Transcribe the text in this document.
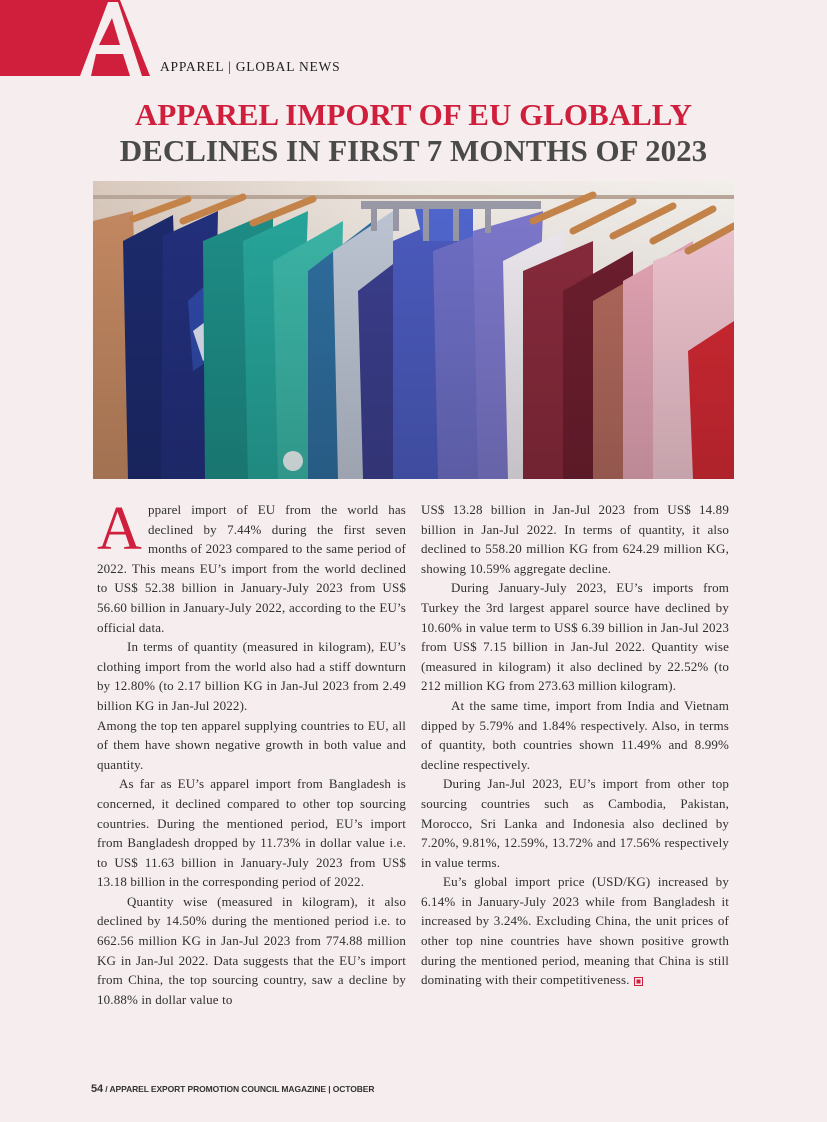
APPAREL | GLOBAL NEWS
APPAREL IMPORT OF EU GLOBALLY
DECLINES IN FIRST 7 MONTHS OF 2023
A pparel import of EU from the world has declined by 7.44% during the first seven months of 2023 compared to the same period of 2022. This means EU’s import from the world declined to US$ 52.38 billion in January-July 2023 from US$ 56.60 billion in January-July 2022, according to the EU’s official data.

In terms of quantity (measured in kilogram), EU’s clothing import from the world also had a stiff downturn by 12.80% (to 2.17 billion KG in Jan-Jul 2023 from 2.49 billion KG in Jan-Jul 2022).

Among the top ten apparel supplying countries to EU, all of them have shown negative growth in both value and quantity.

As far as EU’s apparel import from Bangladesh is concerned, it declined compared to other top sourcing countries. During the mentioned period, EU’s import from Bangladesh dropped by 11.73% in dollar value i.e. to US$ 11.63 billion in January-July 2023 from US$ 13.18 billion in the corresponding period of 2022.

Quantity wise (measured in kilogram), it also declined by 14.50% during the mentioned period i.e. to 662.56 million KG in Jan-Jul 2023 from 774.88 million KG in Jan-Jul 2022. Data suggests that the EU’s import from China, the top sourcing country, saw a decline by 10.88% in dollar value to

US$ 13.28 billion in Jan-Jul 2023 from US$ 14.89 billion in Jan-Jul 2022. In terms of quantity, it also declined to 558.20 million KG from 624.29 million KG, showing 10.59% aggregate decline.

During January-July 2023, EU’s imports from Turkey the 3rd largest apparel source have declined by 10.60% in value term to US$ 6.39 billion in Jan-Jul 2023 from US$ 7.15 billion in Jan-Jul 2022. Quantity wise (measured in kilogram) it also declined by 22.52% (to 212 million KG from 273.63 million kilogram).

At the same time, import from India and Vietnam dipped by 5.79% and 1.84% respectively. Also, in terms of quantity, both countries shown 11.49% and 8.99% decline respectively.

During Jan-Jul 2023, EU’s import from other top sourcing countries such as Cambodia, Pakistan, Morocco, Sri Lanka and Indonesia also declined by 7.20%, 9.81%, 12.59%, 13.72% and 17.56% respectively in value terms.

Eu’s global import price (USD/KG) increased by 6.14% in January-July 2023 while from Bangladesh it increased by 3.24%. Excluding China, the unit prices of other top nine countries have shown positive growth during the mentioned period, meaning that China is still dominating with their competitiveness.

54 / APPAREL EXPORT PROMOTION COUNCIL MAGAZINE | OCTOBER
